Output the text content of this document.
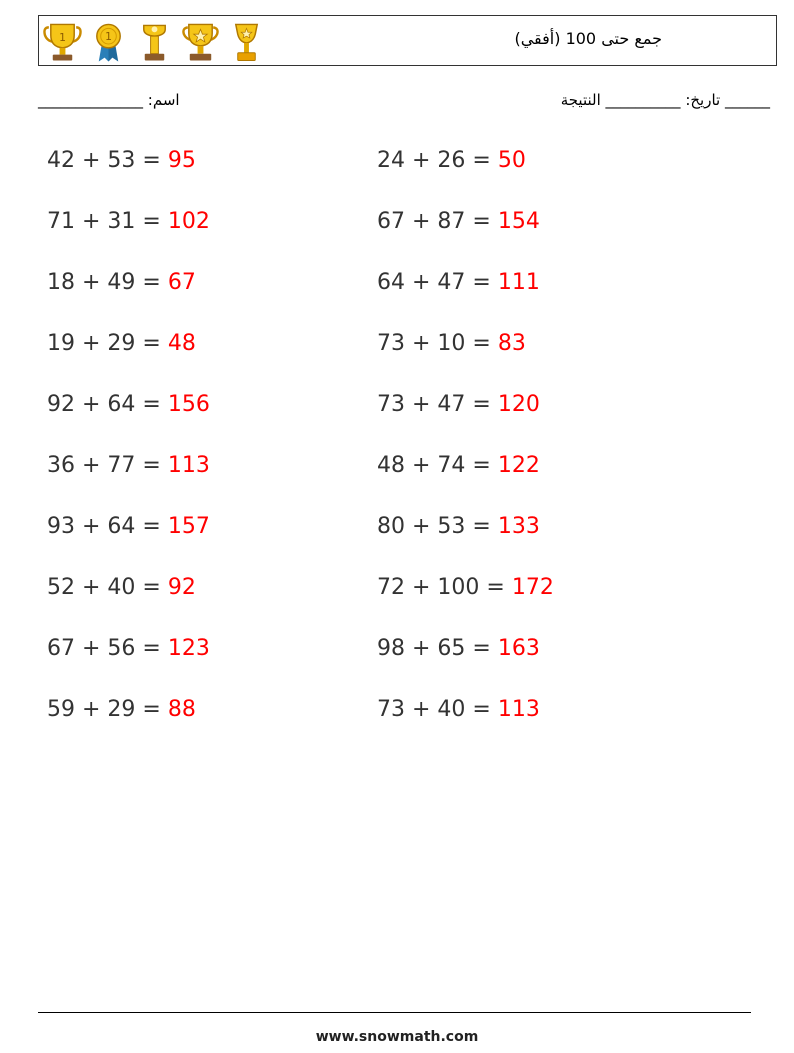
1	1	جمع حتى 100 (أفقي)
______________ اسم:	النتيجة __________ تاريخ: ______
42 + 53 = 95
71 + 31 = 102
18 + 49 = 67
19 + 29 = 48
92 + 64 = 156
36 + 77 = 113
93 + 64 = 157
52 + 40 = 92
67 + 56 = 123
59 + 29 = 88
24 + 26 = 50
67 + 87 = 154
64 + 47 = 111
73 + 10 = 83
73 + 47 = 120
48 + 74 = 122
80 + 53 = 133
72 + 100 = 172
98 + 65 = 163
73 + 40 = 113
www.snowmath.com
